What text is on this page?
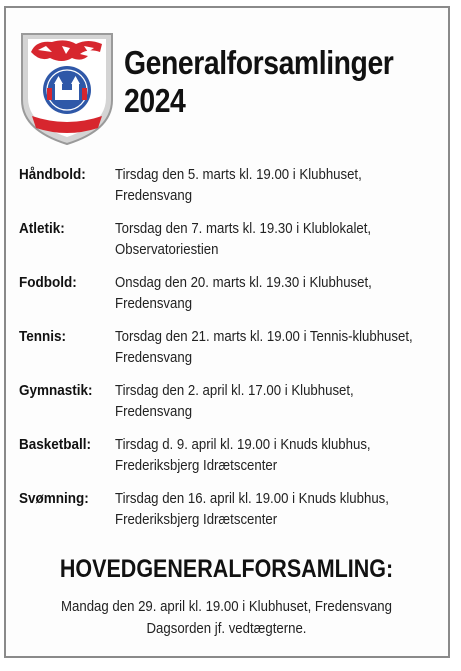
Generalforsamlinger
2024
Håndbold: Tirsdag den 5. marts kl. 19.00 i Klubhuset, Fredensvang
Atletik:	Torsdag den 7. marts kl. 19.30 i Klublokalet, Observatoriestien
Fodbold:	Onsdag den 20. marts kl. 19.30 i Klubhuset, Fredensvang
Tennis:	Torsdag den 21. marts kl. 19.00 i Tennis-klubhuset, Fredensvang
Gymnastik: Tirsdag den 2. april kl. 17.00 i Klubhuset, Fredensvang
Basketball: Tirsdag d. 9. april kl. 19.00 i Knuds klubhus, Frederiksbjerg Idrætscenter
Svømning: Tirsdag den 16. april kl. 19.00 i Knuds klubhus, Frederiksbjerg Idrætscenter
HOVEDGENERALFORSAMLING:
Mandag den 29. april kl. 19.00 i Klubhuset, Fredensvang
Dagsorden jf. vedtægterne.
